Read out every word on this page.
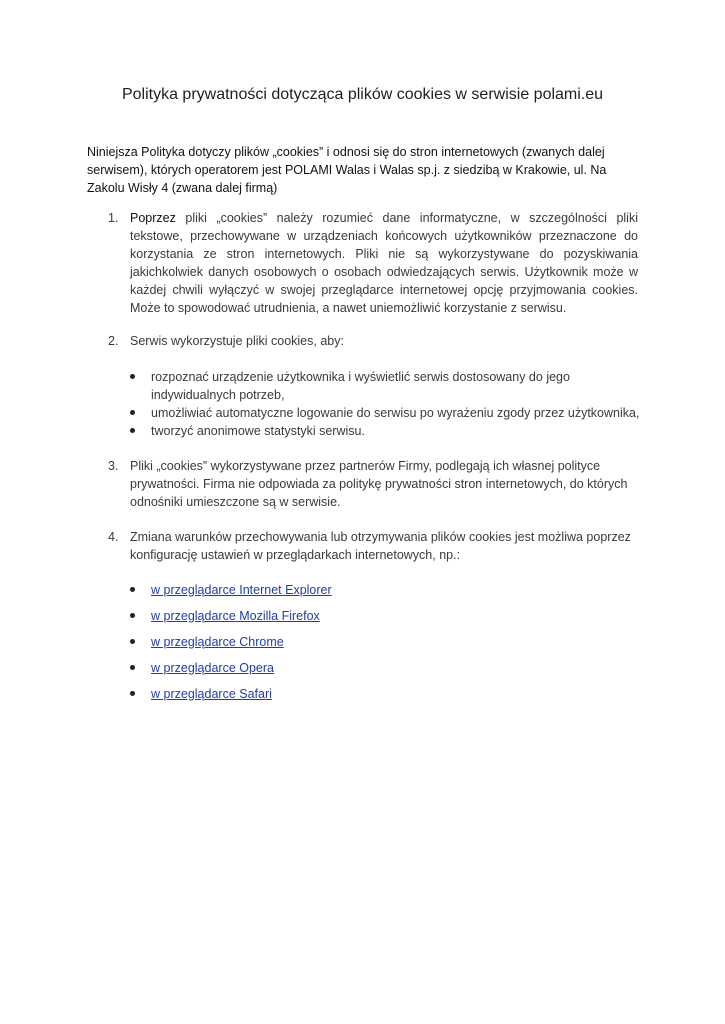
Polityka prywatności dotycząca plików cookies w serwisie polami.eu

Niniejsza Polityka dotyczy plików „cookies” i odnosi się do stron internetowych (zwanych dalej serwisem), których operatorem jest POLAMI Walas i Walas sp.j. z siedzibą w Krakowie, ul. Na Zakolu Wisły 4 (zwana dalej firmą)

1. Poprzez pliki „cookies” należy rozumieć dane informatyczne, w szczególności pliki tekstowe, przechowywane w urządzeniach końcowych użytkowników przeznaczone do korzystania ze stron internetowych. Pliki nie są wykorzystywane do pozyskiwania jakichkolwiek danych osobowych o osobach odwiedzających serwis. Użytkownik może w każdej chwili wyłączyć w swojej przeglądarce internetowej opcję przyjmowania cookies. Może to spowodować utrudnienia, a nawet uniemożliwić korzystanie z serwisu.

2. Serwis wykorzystuje pliki cookies, aby:

rozpoznać urządzenie użytkownika i wyświetlić serwis dostosowany do jego indywidualnych potrzeb,

umożliwiać automatyczne logowanie do serwisu po wyrażeniu zgody przez użytkownika,

tworzyć anonimowe statystyki serwisu.

3. Pliki „cookies” wykorzystywane przez partnerów Firmy, podlegają ich własnej polityce prywatności. Firma nie odpowiada za politykę prywatności stron internetowych, do których odnośniki umieszczone są w serwisie.

4. Zmiana warunków przechowywania lub otrzymywania plików cookies jest możliwa poprzez konfigurację ustawień w przeglądarkach internetowych, np.:

w przeglądarce Internet Explorer

w przeglądarce Mozilla Firefox

w przeglądarce Chrome

w przeglądarce Opera

w przeglądarce Safari
